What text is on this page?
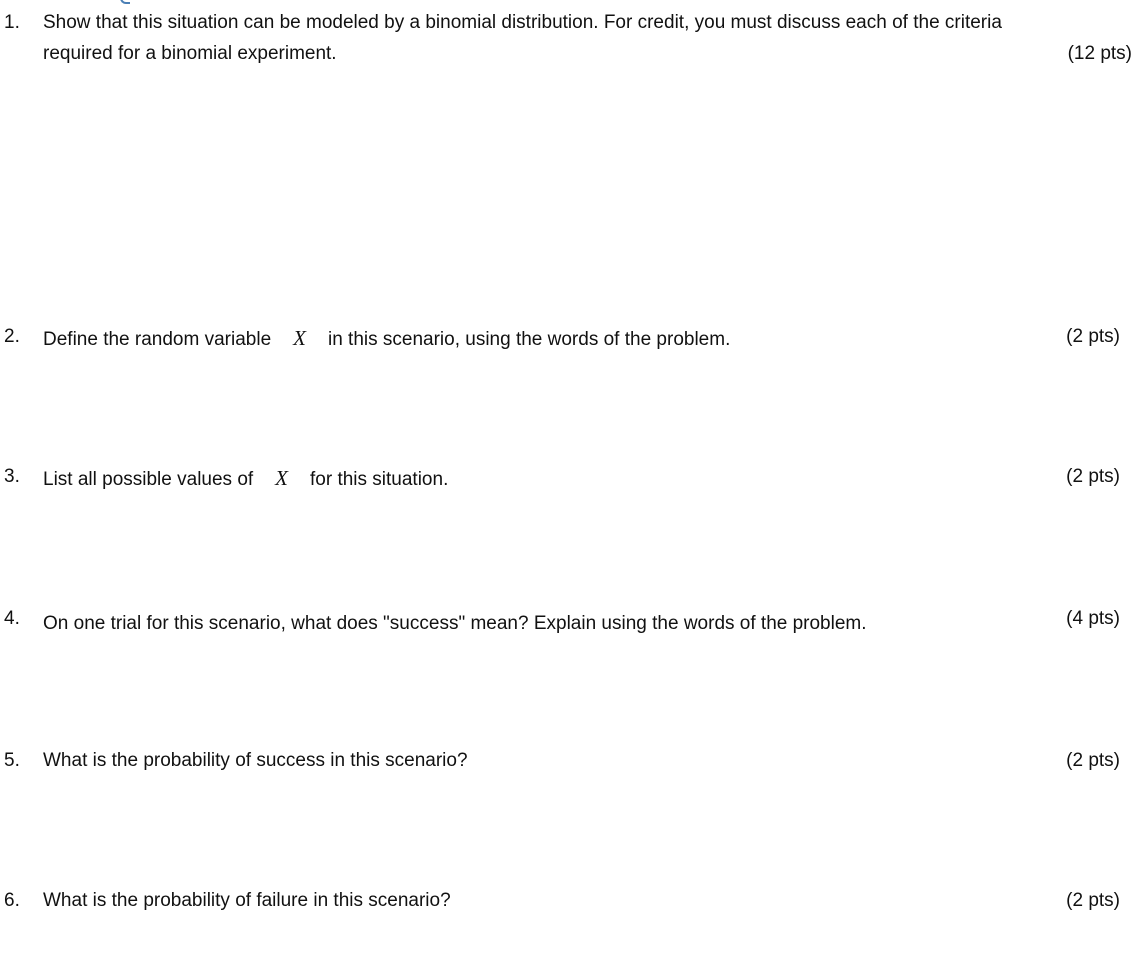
1. Show that this situation can be modeled by a binomial distribution. For credit, you must discuss each of the criteria
required for a binomial experiment.	(12 pts)
2. Define the random variable X in this scenario, using the words of the problem.	(2 pts)
3. List all possible values of X for this situation.	(2 pts)
4. On one trial for this scenario, what does "success" mean? Explain using the words of the problem.	(4 pts)
5. What is the probability of success in this scenario?	(2 pts)
6. What is the probability of failure in this scenario?	(2 pts)
